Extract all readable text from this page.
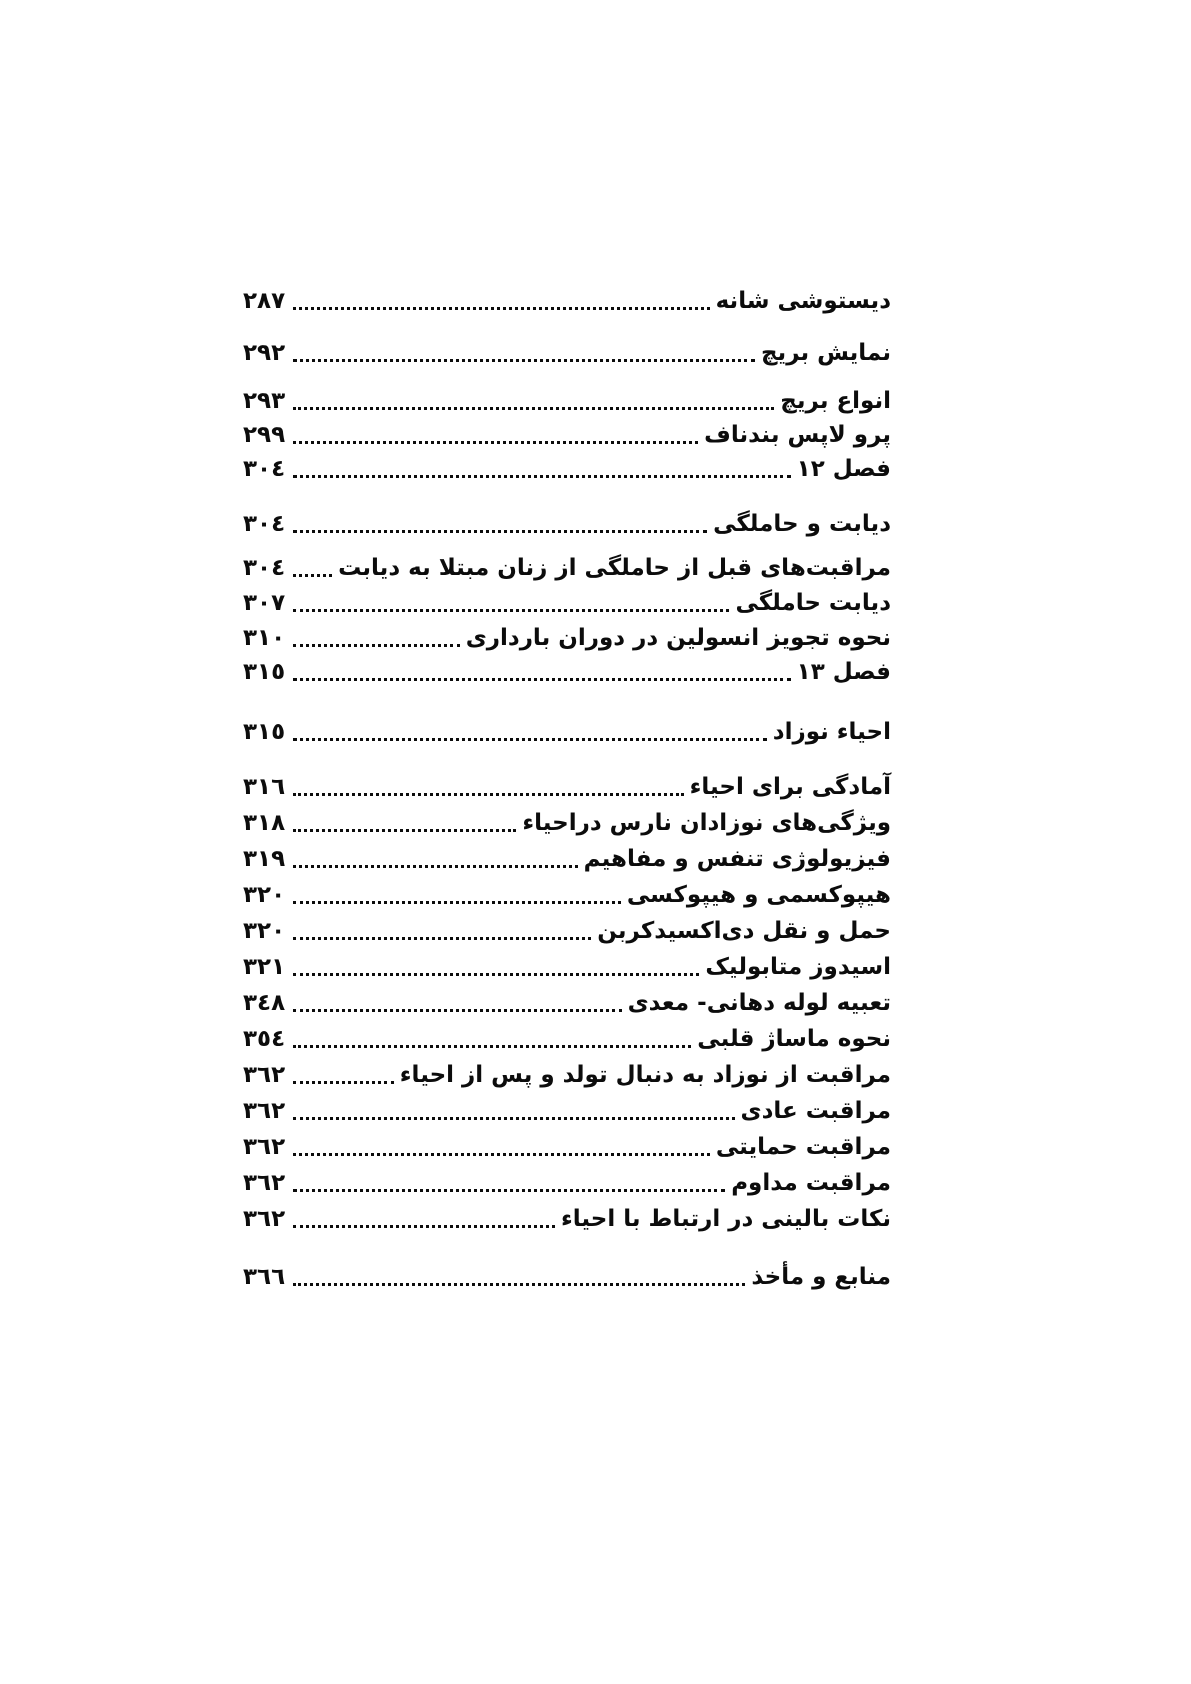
دیستوشی شانه
٢٨٧
نمایش بریچ
٢٩٢
انواع بریچ
٢٩٣
پرو لاپس بندناف
٢٩٩
فصل ١٢
٣٠٤
دیابت و حاملگی
٣٠٤
مراقبت‌های قبل از حاملگی از زنان مبتلا به دیابت
٣٠٤
دیابت حاملگی
٣٠٧
نحوه تجویز انسولین در دوران بارداری
٣١٠
فصل ١٣
٣١٥
احیاء نوزاد
٣١٥
آمادگی برای احیاء
٣١٦
ویژگی‌های نوزادان نارس دراحیاء
٣١٨
فیزیولوژی تنفس و مفاهیم
٣١٩
هیپوکسمی و هیپوکسی
٣٢٠
حمل و نقل دی‌اکسیدکربن
٣٢٠
اسیدوز متابولیک
٣٢١
تعبیه لوله دهانی- معدی
٣٤٨
نحوه ماساژ قلبی
٣٥٤
مراقبت از نوزاد به دنبال تولد و پس از احیاء
٣٦٢
مراقبت عادی
٣٦٢
مراقبت حمایتی
٣٦٢
مراقبت مداوم
٣٦٢
نکات بالینی در ارتباط با احیاء
٣٦٢
منابع و مأخذ
٣٦٦
